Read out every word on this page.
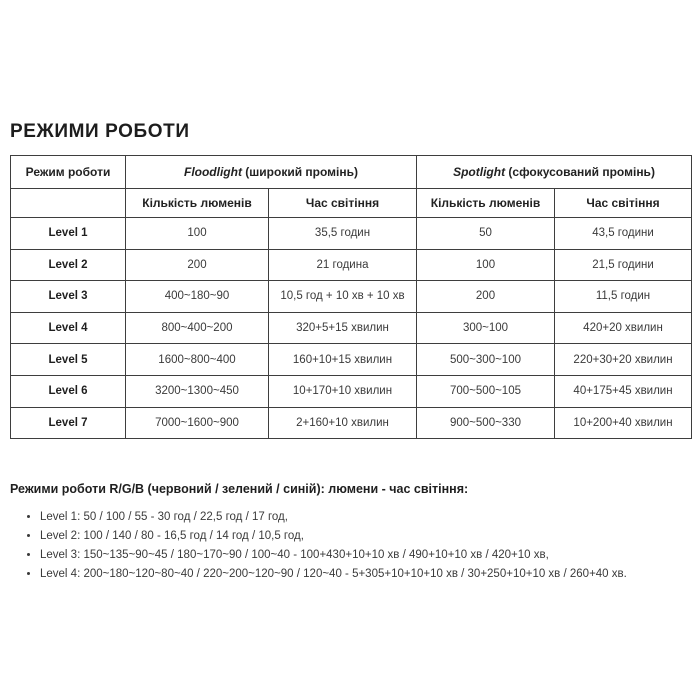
РЕЖИМИ РОБОТИ
Режим роботи	Floodlight (широкий промінь)		Spotlight (сфокусований промінь)	
	Кількість люменів	Час світіння	Кількість люменів	Час світіння
Level 1	100	35,5 годин	50	43,5 години
Level 2	200	21 година	100	21,5 години
Level 3	400~180~90	10,5 год + 10 хв + 10 хв	200	11,5 годин
Level 4	800~400~200	320+5+15 хвилин	300~100	420+20 хвилин
Level 5	1600~800~400	160+10+15 хвилин	500~300~100	220+30+20 хвилин
Level 6	3200~1300~450	10+170+10 хвилин	700~500~105	40+175+45 хвилин
Level 7	7000~1600~900	2+160+10 хвилин	900~500~330	10+200+40 хвилин

Режими роботи R/G/B (червоний / зелений / синій): люмени - час світіння:

• Level 1: 50 / 100 / 55 - 30 год / 22,5 год / 17 год,
• Level 2: 100 / 140 / 80 - 16,5 год / 14 год / 10,5 год,
• Level 3: 150~135~90~45 / 180~170~90 / 100~40 - 100+430+10+10 хв / 490+10+10 хв / 420+10 хв,
• Level 4: 200~180~120~80~40 / 220~200~120~90 / 120~40 - 5+305+10+10+10 хв / 30+250+10+10 хв / 260+40 хв.
